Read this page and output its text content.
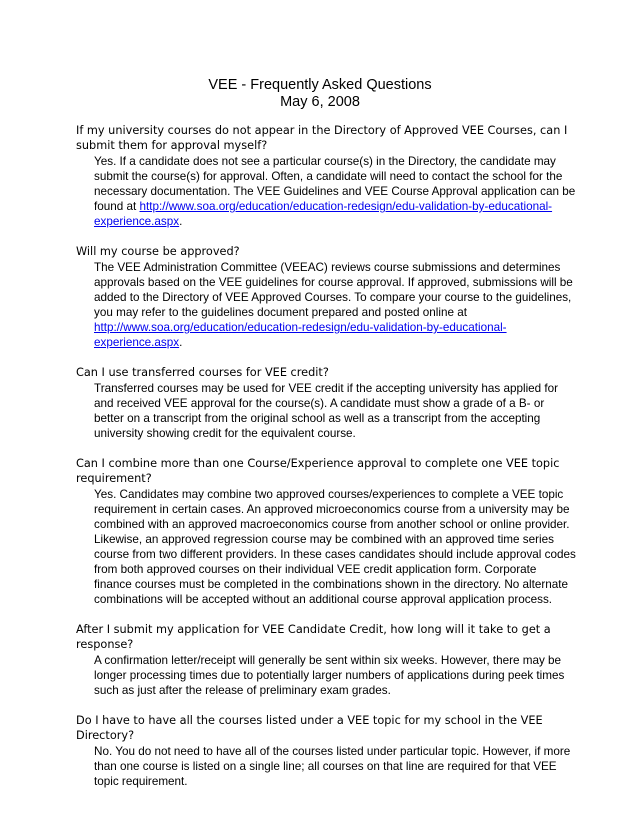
VEE - Frequently Asked Questions
May 6, 2008

If my university courses do not appear in the Directory of Approved VEE Courses, can I submit them for approval myself?

Yes. If a candidate does not see a particular course(s) in the Directory, the candidate may submit the course(s) for approval. Often, a candidate will need to contact the school for the necessary documentation. The VEE Guidelines and VEE Course Approval application can be found at http://www.soa.org/education/education-redesign/edu-validation-by-educational-experience.aspx.

Will my course be approved?

The VEE Administration Committee (VEEAC) reviews course submissions and determines approvals based on the VEE guidelines for course approval. If approved, submissions will be added to the Directory of VEE Approved Courses. To compare your course to the guidelines, you may refer to the guidelines document prepared and posted online at http://www.soa.org/education/education-redesign/edu-validation-by-educational-experience.aspx.

Can I use transferred courses for VEE credit?

Transferred courses may be used for VEE credit if the accepting university has applied for and received VEE approval for the course(s). A candidate must show a grade of a B- or better on a transcript from the original school as well as a transcript from the accepting university showing credit for the equivalent course.

Can I combine more than one Course/Experience approval to complete one VEE topic requirement?

Yes. Candidates may combine two approved courses/experiences to complete a VEE topic requirement in certain cases. An approved microeconomics course from a university may be combined with an approved macroeconomics course from another school or online provider. Likewise, an approved regression course may be combined with an approved time series course from two different providers. In these cases candidates should include approval codes from both approved courses on their individual VEE credit application form. Corporate finance courses must be completed in the combinations shown in the directory. No alternate combinations will be accepted without an additional course approval application process.

After I submit my application for VEE Candidate Credit, how long will it take to get a response?

A confirmation letter/receipt will generally be sent within six weeks. However, there may be longer processing times due to potentially larger numbers of applications during peek times such as just after the release of preliminary exam grades.

Do I have to have all the courses listed under a VEE topic for my school in the VEE Directory?

No. You do not need to have all of the courses listed under particular topic. However, if more than one course is listed on a single line; all courses on that line are required for that VEE topic requirement.
